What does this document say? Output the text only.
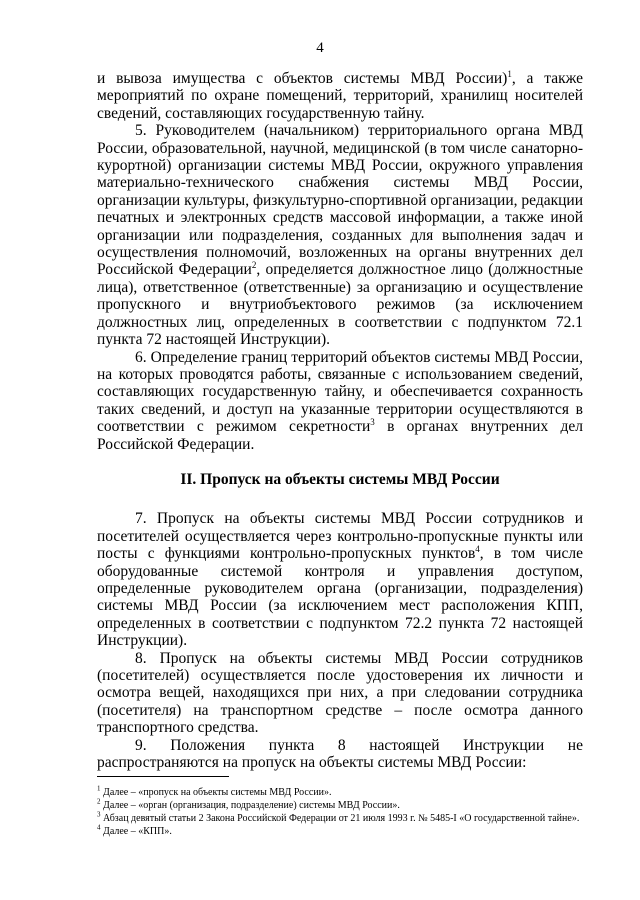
4

и вывоза имущества с объектов системы МВД России)$^1$, а также мероприятий по охране помещений, территорий, хранилищ носителей сведений, составляющих государственную тайну.

5. Руководителем (начальником) территориального органа МВД России, образовательной, научной, медицинской (в том числе санаторно-курортной) организации системы МВД России, окружного управления материально-технического снабжения системы МВД России, организации культуры, физкультурно-спортивной организации, редакции печатных и электронных средств массовой информации, а также иной организации или подразделения, созданных для выполнения задач и осуществления полномочий, возложенных на органы внутренних дел Российской Федерации$^2$, определяется должностное лицо (должностные лица), ответственное (ответственные) за организацию и осуществление пропускного и внутриобъектового режимов (за исключением должностных лиц, определенных в соответствии с подпунктом 72.1 пункта 72 настоящей Инструкции).

6. Определение границ территорий объектов системы МВД России, на которых проводятся работы, связанные с использованием сведений, составляющих государственную тайну, и обеспечивается сохранность таких сведений, и доступ на указанные территории осуществляются в соответствии с режимом секретности$^3$ в органах внутренних дел Российской Федерации.

II. Пропуск на объекты системы МВД России

7. Пропуск на объекты системы МВД России сотрудников и посетителей осуществляется через контрольно-пропускные пункты или посты с функциями контрольно-пропускных пунктов$^4$, в том числе оборудованные системой контроля и управления доступом, определенные руководителем органа (организации, подразделения) системы МВД России (за исключением мест расположения КПП, определенных в соответствии с подпунктом 72.2 пункта 72 настоящей Инструкции).

8. Пропуск на объекты системы МВД России сотрудников (посетителей) осуществляется после удостоверения их личности и осмотра вещей, находящихся при них, а при следовании сотрудника (посетителя) на транспортном средстве – после осмотра данного транспортного средства.

9. Положения пункта 8 настоящей Инструкции не распространяются на пропуск на объекты системы МВД России:

$^1$ Далее – «пропуск на объекты системы МВД России».
$^2$ Далее – «орган (организация, подразделение) системы МВД России».
$^3$ Абзац девятый статьи 2 Закона Российской Федерации от 21 июля 1993 г. № 5485-I «О государственной тайне».
$^4$ Далее – «КПП».
